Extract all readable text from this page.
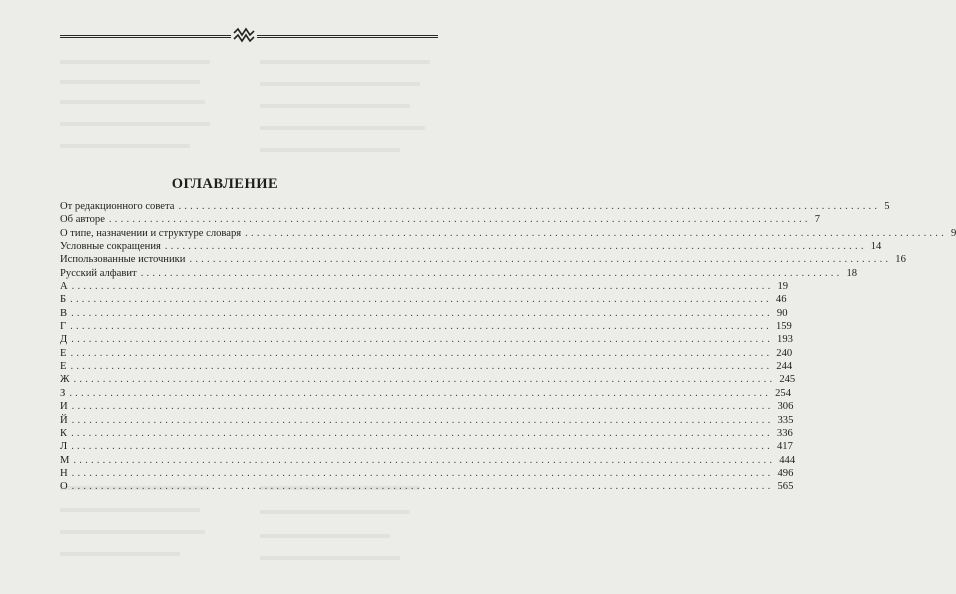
ОГЛАВЛЕНИЕ
От редакционного совета ........................................................................................................................ 5
Об авторе ........................................................................................................................ 7
О типе, назначении и структуре словаря ........................................................................................................................ 9
Условные сокращения ........................................................................................................................ 14
Использованные источники ........................................................................................................................ 16
Русский алфавит ........................................................................................................................ 18
А ........................................................................................................................ 19
Б ........................................................................................................................ 46
В ........................................................................................................................ 90
Г ........................................................................................................................ 159
Д ........................................................................................................................ 193
Е ........................................................................................................................ 240
Е ........................................................................................................................ 244
Ж ........................................................................................................................ 245
З ........................................................................................................................ 254
И ........................................................................................................................ 306
Й ........................................................................................................................ 335
К ........................................................................................................................ 336
Л ........................................................................................................................ 417
М ........................................................................................................................ 444
Н ........................................................................................................................ 496
О ........................................................................................................................ 565
